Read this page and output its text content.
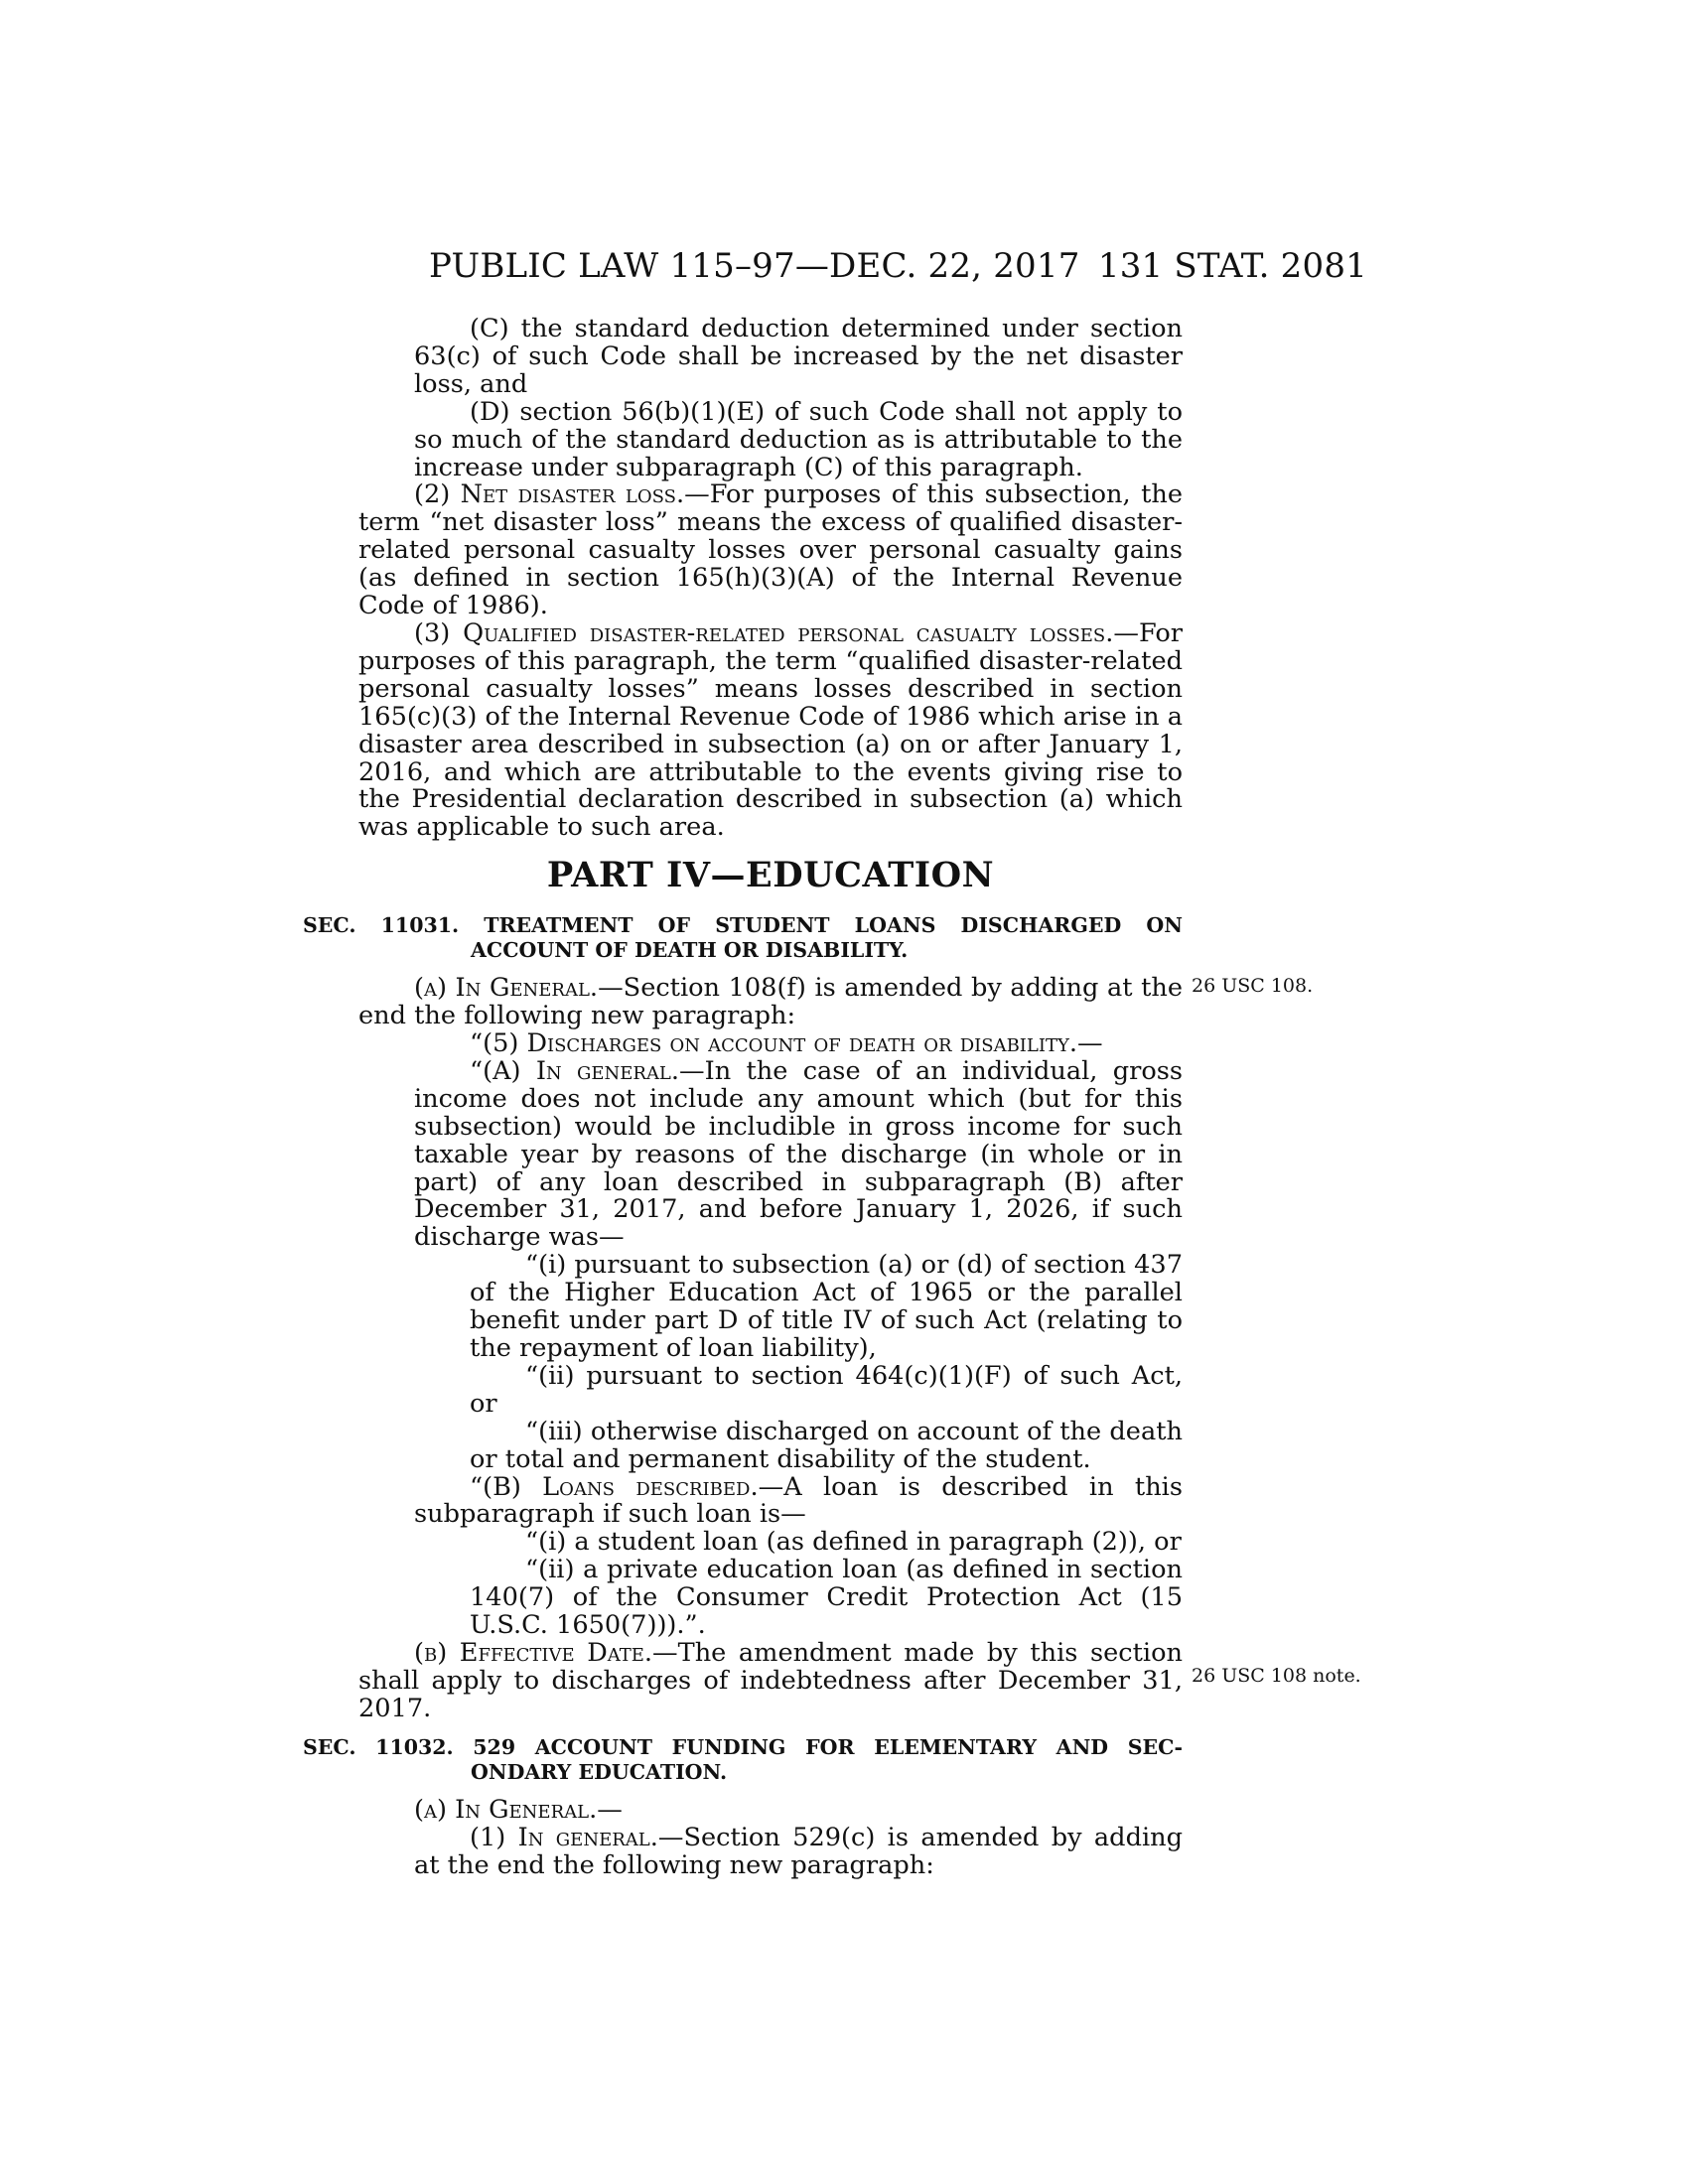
PUBLIC LAW 115–97—DEC. 22, 2017 131 STAT. 2081
26 USC 108.
26 USC 108 note.
(C) the standard deduction determined under section 63(c) of such Code shall be increased by the net disaster loss, and
(D) section 56(b)(1)(E) of such Code shall not apply to so much of the standard deduction as is attributable to the increase under subparagraph (C) of this paragraph.
(2) Net disaster loss.—For purposes of this subsection, the term “net disaster loss” means the excess of qualified disaster-related personal casualty losses over personal casualty gains (as defined in section 165(h)(3)(A) of the Internal Revenue Code of 1986).
(3) Qualified disaster-related personal casualty losses.—For purposes of this paragraph, the term “qualified disaster-related personal casualty losses” means losses described in section 165(c)(3) of the Internal Revenue Code of 1986 which arise in a disaster area described in subsection (a) on or after January 1, 2016, and which are attributable to the events giving rise to the Presidential declaration described in subsection (a) which was applicable to such area.
PART IV—EDUCATION
SEC. 11031. TREATMENT OF STUDENT LOANS DISCHARGED ON
ACCOUNT OF DEATH OR DISABILITY.
(a) In General.—Section 108(f) is amended by adding at the end the following new paragraph:
“(5) Discharges on account of death or disability.—
“(A) In general.—In the case of an individual, gross income does not include any amount which (but for this subsection) would be includible in gross income for such taxable year by reasons of the discharge (in whole or in part) of any loan described in subparagraph (B) after December 31, 2017, and before January 1, 2026, if such discharge was—
“(i) pursuant to subsection (a) or (d) of section 437 of the Higher Education Act of 1965 or the parallel benefit under part D of title IV of such Act (relating to the repayment of loan liability),
“(ii) pursuant to section 464(c)(1)(F) of such Act, or
“(iii) otherwise discharged on account of the death or total and permanent disability of the student.
“(B) Loans described.—A loan is described in this subparagraph if such loan is—
“(i) a student loan (as defined in paragraph (2)), or
“(ii) a private education loan (as defined in section 140(7) of the Consumer Credit Protection Act (15 U.S.C. 1650(7))).”.
(b) Effective Date.—The amendment made by this section shall apply to discharges of indebtedness after December 31, 2017.
SEC. 11032. 529 ACCOUNT FUNDING FOR ELEMENTARY AND SEC-
ONDARY EDUCATION.
(a) In General.—
(1) In general.—Section 529(c) is amended by adding at the end the following new paragraph:
